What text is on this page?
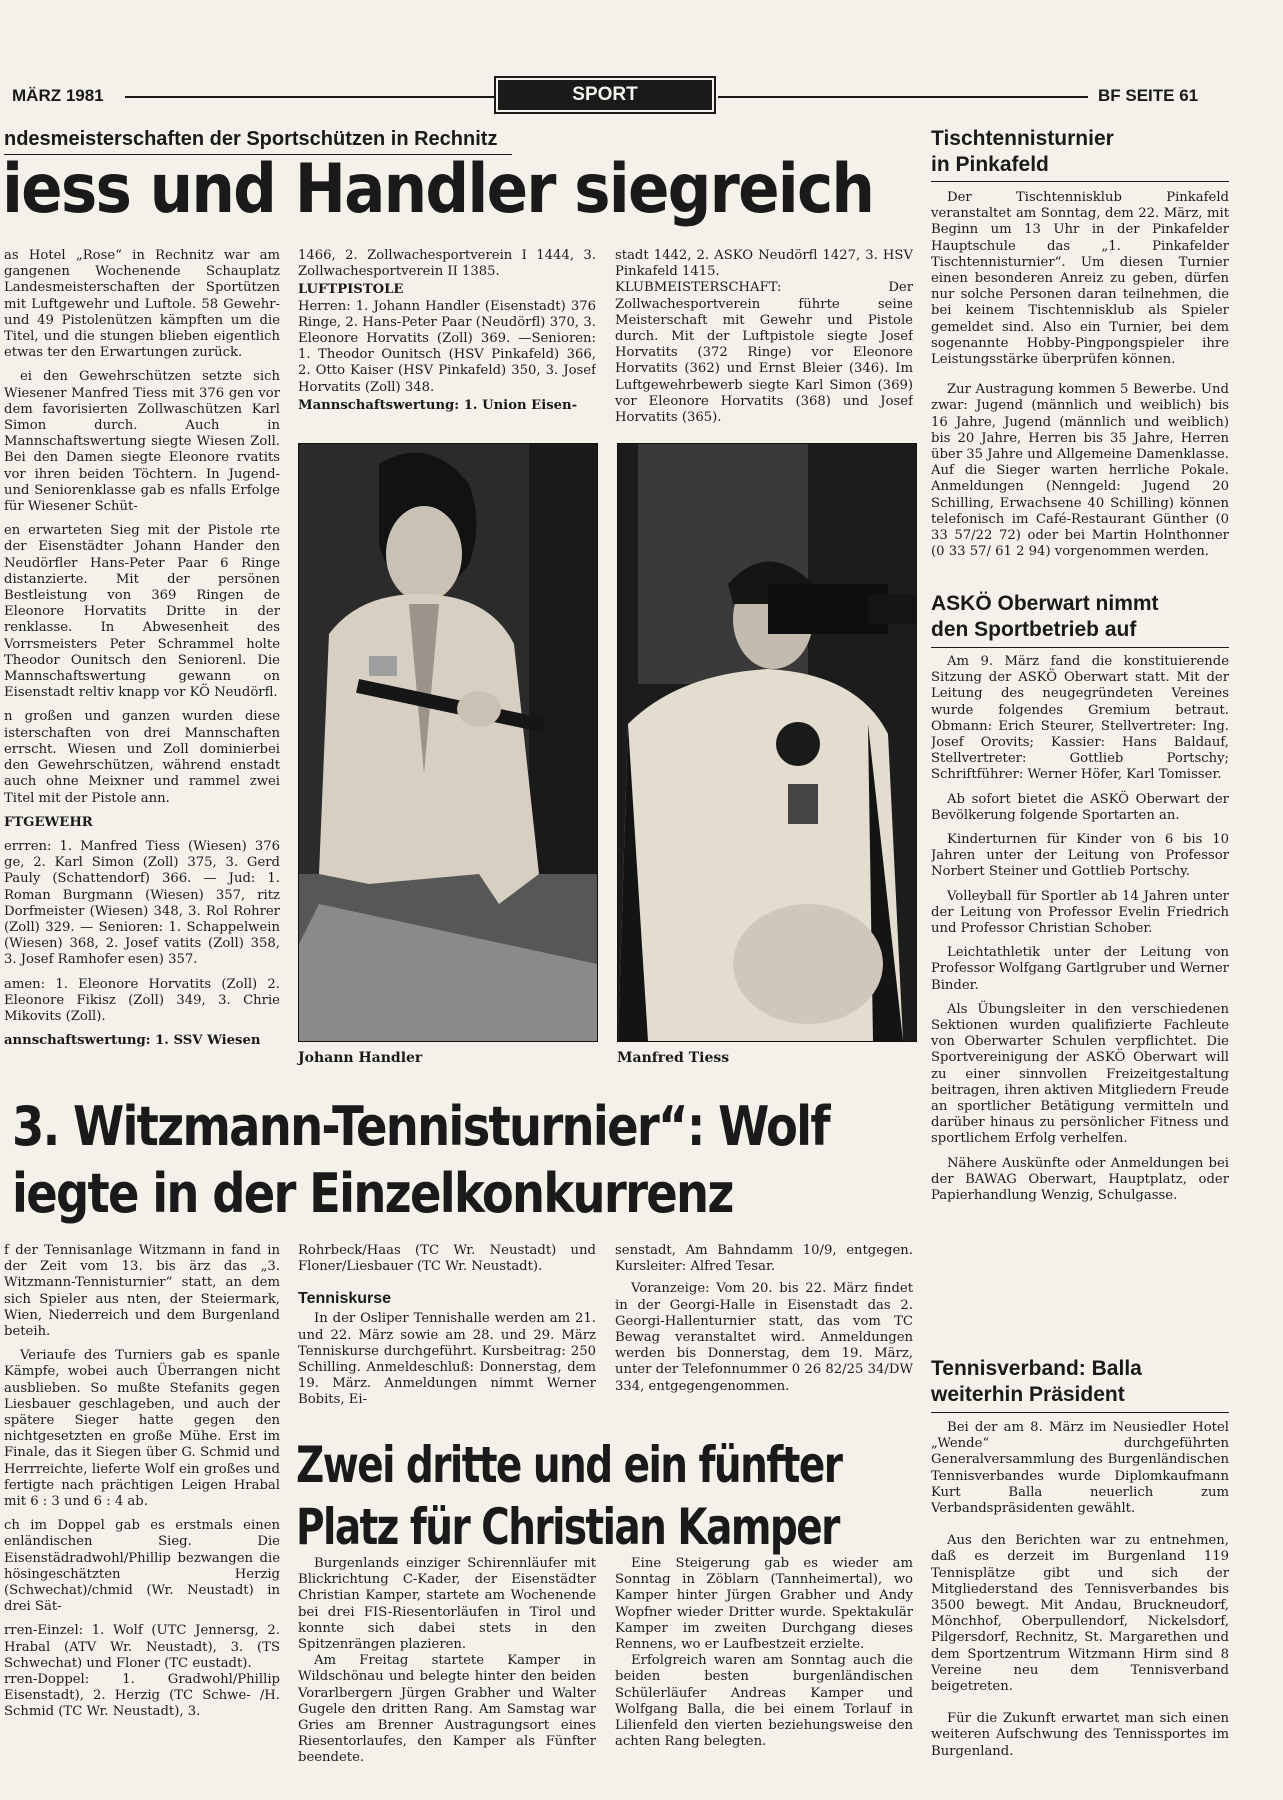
MÄRZ 1981	SPORT	BF SEITE 61
ndesmeisterschaften der Sportschützen in Rechnitz
iess und Handler siegreich

as Hotel „Rose“ in Rechnitz war am gangenen Wochenende Schauplatz Landesmeisterschaften der Sportützen mit Luftgewehr und Luftole. 58 Gewehr- und 49 Pistolenützen kämpften um die Titel, und die stungen blieben eigentlich etwas ter den Erwartungen zurück.

ei den Gewehrschützen setzte sich Wiesener Manfred Tiess mit 376 gen vor dem favorisierten Zollwaschützen Karl Simon durch. Auch in Mannschaftswertung siegte Wiesen Zoll. Bei den Damen siegte Eleonore rvatits vor ihren beiden Töchtern. In Jugend- und Seniorenklasse gab es nfalls Erfolge für Wiesener Schüt-

en erwarteten Sieg mit der Pistole rte der Eisenstädter Johann Hander den Neudörfler Hans-Peter Paar 6 Ringe distanzierte. Mit der persönen Bestleistung von 369 Ringen de Eleonore Horvatits Dritte in der renklasse. In Abwesenheit des Vorrsmeisters Peter Schrammel holte Theodor Ounitsch den Seniorenl. Die Mannschaftswertung gewann on Eisenstadt reltiv knapp vor KÖ Neudörfl.

n großen und ganzen wurden diese isterschaften von drei Mannschaften errscht. Wiesen und Zoll dominierbei den Gewehrschützen, während enstadt auch ohne Meixner und rammel zwei Titel mit der Pistole ann.

FTGEWEHR

errren: 1. Manfred Tiess (Wiesen) 376 ge, 2. Karl Simon (Zoll) 375, 3. Gerd Pauly (Schattendorf) 366. — Jud: 1. Roman Burgmann (Wiesen) 357, ritz Dorfmeister (Wiesen) 348, 3. Rol Rohrer (Zoll) 329. — Senioren: 1. Schappelwein (Wiesen) 368, 2. Josef vatits (Zoll) 358, 3. Josef Ramhofer esen) 357.

amen: 1. Eleonore Horvatits (Zoll) 2. Eleonore Fikisz (Zoll) 349, 3. Chrie Mikovits (Zoll).

annschaftswertung: 1. SSV Wiesen

1466, 2. Zollwachesportverein I 1444, 3. Zollwachesportverein II 1385.

LUFTPISTOLE

Herren: 1. Johann Handler (Eisenstadt) 376 Ringe, 2. Hans-Peter Paar (Neudörfl) 370, 3. Eleonore Horvatits (Zoll) 369. —Senioren: 1. Theodor Ounitsch (HSV Pinkafeld) 366, 2. Otto Kaiser (HSV Pinkafeld) 350, 3. Josef Horvatits (Zoll) 348.

Mannschaftswertung: 1. Union Eisen-

stadt 1442, 2. ASKÖ Neudörfl 1427, 3. HSV Pinkafeld 1415.

KLUBMEISTERSCHAFT: Der Zollwachesportverein führte seine Meisterschaft mit Gewehr und Pistole durch. Mit der Luftpistole siegte Josef Horvatits (372 Ringe) vor Eleonore Horvatits (362) und Ernst Bleier (346). Im Luftgewehrbewerb siegte Karl Simon (369) vor Eleonore Horvatits (368) und Josef Horvatits (365).

Johann Handler	Manfred Tiess
3. Witzmann-Tennisturnier“: Wolf
iegte in der Einzelkonkurrenz

f der Tennisanlage Witzmann in fand in der Zeit vom 13. bis ärz das „3. Witzmann-Tennisturnier“ statt, an dem sich Spieler aus nten, der Steiermark, Wien, Niederreich und dem Burgenland beteih.

Veriaufe des Turniers gab es spanle Kämpfe, wobei auch Überrangen nicht ausblieben. So mußte Stefanits gegen Liesbauer geschlageben, und auch der spätere Sieger hatte gegen den nichtgesetzten en große Mühe. Erst im Finale, das it Siegen über G. Schmid und Herrreichte, lieferte Wolf ein großes und fertigte nach prächtigen Leigen Hrabal mit 6 : 3 und 6 : 4 ab.

ch im Doppel gab es erstmals einen enländischen Sieg. Die Eisenstädradwohl/Phillip bezwangen die hösingeschätzten Herzig (Schwechat)/chmid (Wr. Neustadt) in drei Sät-

rren-Einzel: 1. Wolf (UTC Jennersg, 2. Hrabal (ATV Wr. Neustadt), 3. (TS Schwechat) und Floner (TC eustadt).

rren-Doppel: 1. Gradwohl/Phillip Eisenstadt), 2. Herzig (TC Schwe- /H. Schmid (TC Wr. Neustadt), 3.

Rohrbeck/Haas (TC Wr. Neustadt) und Floner/Liesbauer (TC Wr. Neustadt).

Tenniskurse

In der Osliper Tennishalle werden am 21. und 22. März sowie am 28. und 29. März Tenniskurse durchgeführt. Kursbeitrag: 250 Schilling. Anmeldeschluß: Donnerstag, dem 19. März. Anmeldungen nimmt Werner Bobits, Ei-

senstadt, Am Bahndamm 10/9, entgegen. Kursleiter: Alfred Tesar.

Voranzeige: Vom 20. bis 22. März findet in der Georgi-Halle in Eisenstadt das 2. Georgi-Hallenturnier statt, das vom TC Bewag veranstaltet wird. Anmeldungen werden bis Donnerstag, dem 19. März, unter der Telefonnummer 0 26 82/25 34/DW 334, entgegengenommen.

Zwei dritte und ein fünfter
Platz für Christian Kamper

Burgenlands einziger Schirennläufer mit Blickrichtung C-Kader, der Eisenstädter Christian Kamper, startete am Wochenende bei drei FIS-Riesentorläufen in Tirol und konnte sich dabei stets in den Spitzenrängen plazieren.

Am Freitag startete Kamper in Wildschönau und belegte hinter den beiden Vorarlbergern Jürgen Grabher und Walter Gugele den dritten Rang. Am Samstag war Gries am Brenner Austragungsort eines Riesentorlaufes, den Kamper als Fünfter beendete.

Eine Steigerung gab es wieder am Sonntag in Zöblarn (Tannheimertal), wo Kamper hinter Jürgen Grabher und Andy Wopfner wieder Dritter wurde. Spektakulär Kamper im zweiten Durchgang dieses Rennens, wo er Laufbestzeit erzielte.

Erfolgreich waren am Sonntag auch die beiden besten burgenländischen Schülerläufer Andreas Kamper und Wolfgang Balla, die bei einem Torlauf in Lilienfeld den vierten beziehungsweise den achten Rang belegten.

Tischtennisturnier
in Pinkafeld

Der Tischtennisklub Pinkafeld veranstaltet am Sonntag, dem 22. März, mit Beginn um 13 Uhr in der Pinkafelder Hauptschule das „1. Pinkafelder Tischtennisturnier“. Um diesen Turnier einen besonderen Anreiz zu geben, dürfen nur solche Personen daran teilnehmen, die bei keinem Tischtennisklub als Spieler gemeldet sind. Also ein Turnier, bei dem sogenannte Hobby-Pingpongspieler ihre Leistungsstärke überprüfen können.

Zur Austragung kommen 5 Bewerbe. Und zwar: Jugend (männlich und weiblich) bis 16 Jahre, Jugend (männlich und weiblich) bis 20 Jahre, Herren bis 35 Jahre, Herren über 35 Jahre und Allgemeine Damenklasse. Auf die Sieger warten herrliche Pokale. Anmeldungen (Nenngeld: Jugend 20 Schilling, Erwachsene 40 Schilling) können telefonisch im Café-Restaurant Günther (0 33 57/22 72) oder bei Martin Holnthonner (0 33 57/ 61 2 94) vorgenommen werden.

ASKÖ Oberwart nimmt
den Sportbetrieb auf

Am 9. März fand die konstituierende Sitzung der ASKÖ Oberwart statt. Mit der Leitung des neugegründeten Vereines wurde folgendes Gremium betraut. Obmann: Erich Steurer, Stellvertreter: Ing. Josef Orovits; Kassier: Hans Baldauf, Stellvertreter: Gottlieb Portschy; Schriftführer: Werner Höfer, Karl Tomisser.

Ab sofort bietet die ASKÖ Oberwart der Bevölkerung folgende Sportarten an.

Kinderturnen für Kinder von 6 bis 10 Jahren unter der Leitung von Professor Norbert Steiner und Gottlieb Portschy.

Volleyball für Sportler ab 14 Jahren unter der Leitung von Professor Evelin Friedrich und Professor Christian Schober.

Leichtathletik unter der Leitung von Professor Wolfgang Gartlgruber und Werner Binder.

Als Übungsleiter in den verschiedenen Sektionen wurden qualifizierte Fachleute von Oberwarter Schulen verpflichtet. Die Sportvereinigung der ASKÖ Oberwart will zu einer sinnvollen Freizeitgestaltung beitragen, ihren aktiven Mitgliedern Freude an sportlicher Betätigung vermitteln und darüber hinaus zu persönlicher Fitness und sportlichem Erfolg verhelfen.

Nähere Auskünfte oder Anmeldungen bei der BAWAG Oberwart, Hauptplatz, oder Papierhandlung Wenzig, Schulgasse.

Tennisverband: Balla
weiterhin Präsident

Bei der am 8. März im Neusiedler Hotel „Wende“ durchgeführten Generalversammlung des Burgenländischen Tennisverbandes wurde Diplomkaufmann Kurt Balla neuerlich zum Verbandspräsidenten gewählt.

Aus den Berichten war zu entnehmen, daß es derzeit im Burgenland 119 Tennisplätze gibt und sich der Mitgliederstand des Tennisverbandes bis 3500 bewegt. Mit Andau, Bruckneudorf, Mönchhof, Oberpullendorf, Nickelsdorf, Pilgersdorf, Rechnitz, St. Margarethen und dem Sportzentrum Witzmann Hirm sind 8 Vereine neu dem Tennisverband beigetreten.

Für die Zukunft erwartet man sich einen weiteren Aufschwung des Tennissportes im Burgenland.
